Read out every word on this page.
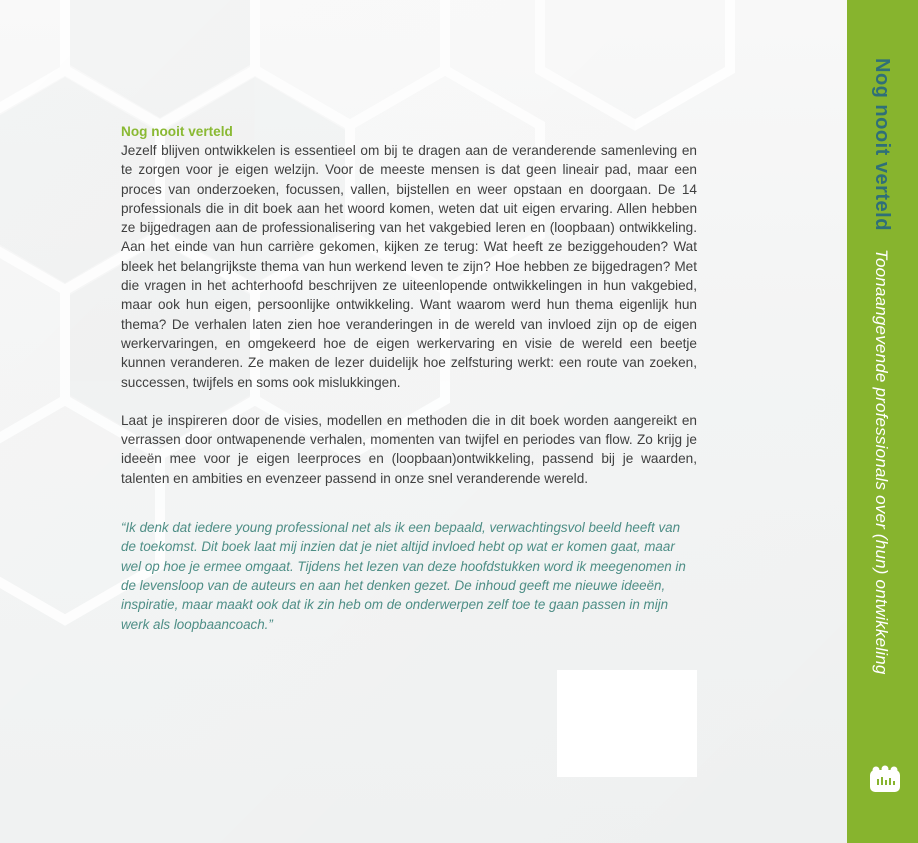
Nog nooit verteld

Jezelf blijven ontwikkelen is essentieel om bij te dragen aan de veranderende samenleving en te zorgen voor je eigen welzijn. Voor de meeste mensen is dat geen lineair pad, maar een proces van onderzoeken, focussen, vallen, bijstellen en weer opstaan en doorgaan. De 14 professionals die in dit boek aan het woord komen, weten dat uit eigen ervaring. Allen hebben ze bijgedragen aan de professionalisering van het vakgebied leren en (loopbaan) ontwikkeling. Aan het einde van hun carrière gekomen, kijken ze terug: Wat heeft ze beziggehouden? Wat bleek het belangrijkste thema van hun werkend leven te zijn? Hoe hebben ze bijgedragen? Met die vragen in het achterhoofd beschrijven ze uiteenlopende ontwikkelingen in hun vakgebied, maar ook hun eigen, persoonlijke ontwikkeling. Want waarom werd hun thema eigenlijk hun thema? De verhalen laten zien hoe veranderingen in de wereld van invloed zijn op de eigen werkervaringen, en omgekeerd hoe de eigen werkervaring en visie de wereld een beetje kunnen veranderen. Ze maken de lezer duidelijk hoe zelfsturing werkt: een route van zoeken, successen, twijfels en soms ook mislukkingen.

Laat je inspireren door de visies, modellen en methoden die in dit boek worden aangereikt en verrassen door ontwapenende verhalen, momenten van twijfel en periodes van flow. Zo krijg je ideeën mee voor je eigen leerproces en (loopbaan)ontwikkeling, passend bij je waarden, talenten en ambities en evenzeer passend in onze snel veranderende wereld.

“Ik denk dat iedere young professional net als ik een bepaald, verwachtingsvol beeld heeft van de toekomst. Dit boek laat mij inzien dat je niet altijd invloed hebt op wat er komen gaat, maar wel op hoe je ermee omgaat. Tijdens het lezen van deze hoofdstukken word ik meegenomen in de levensloop van de auteurs en aan het denken gezet. De inhoud geeft me nieuwe ideeën, inspiratie, maar maakt ook dat ik zin heb om de onderwerpen zelf toe te gaan passen in mijn werk als loopbaancoach.”

Nog nooit verteld
Toonaangevende professionals over (hun) ontwikkeling
